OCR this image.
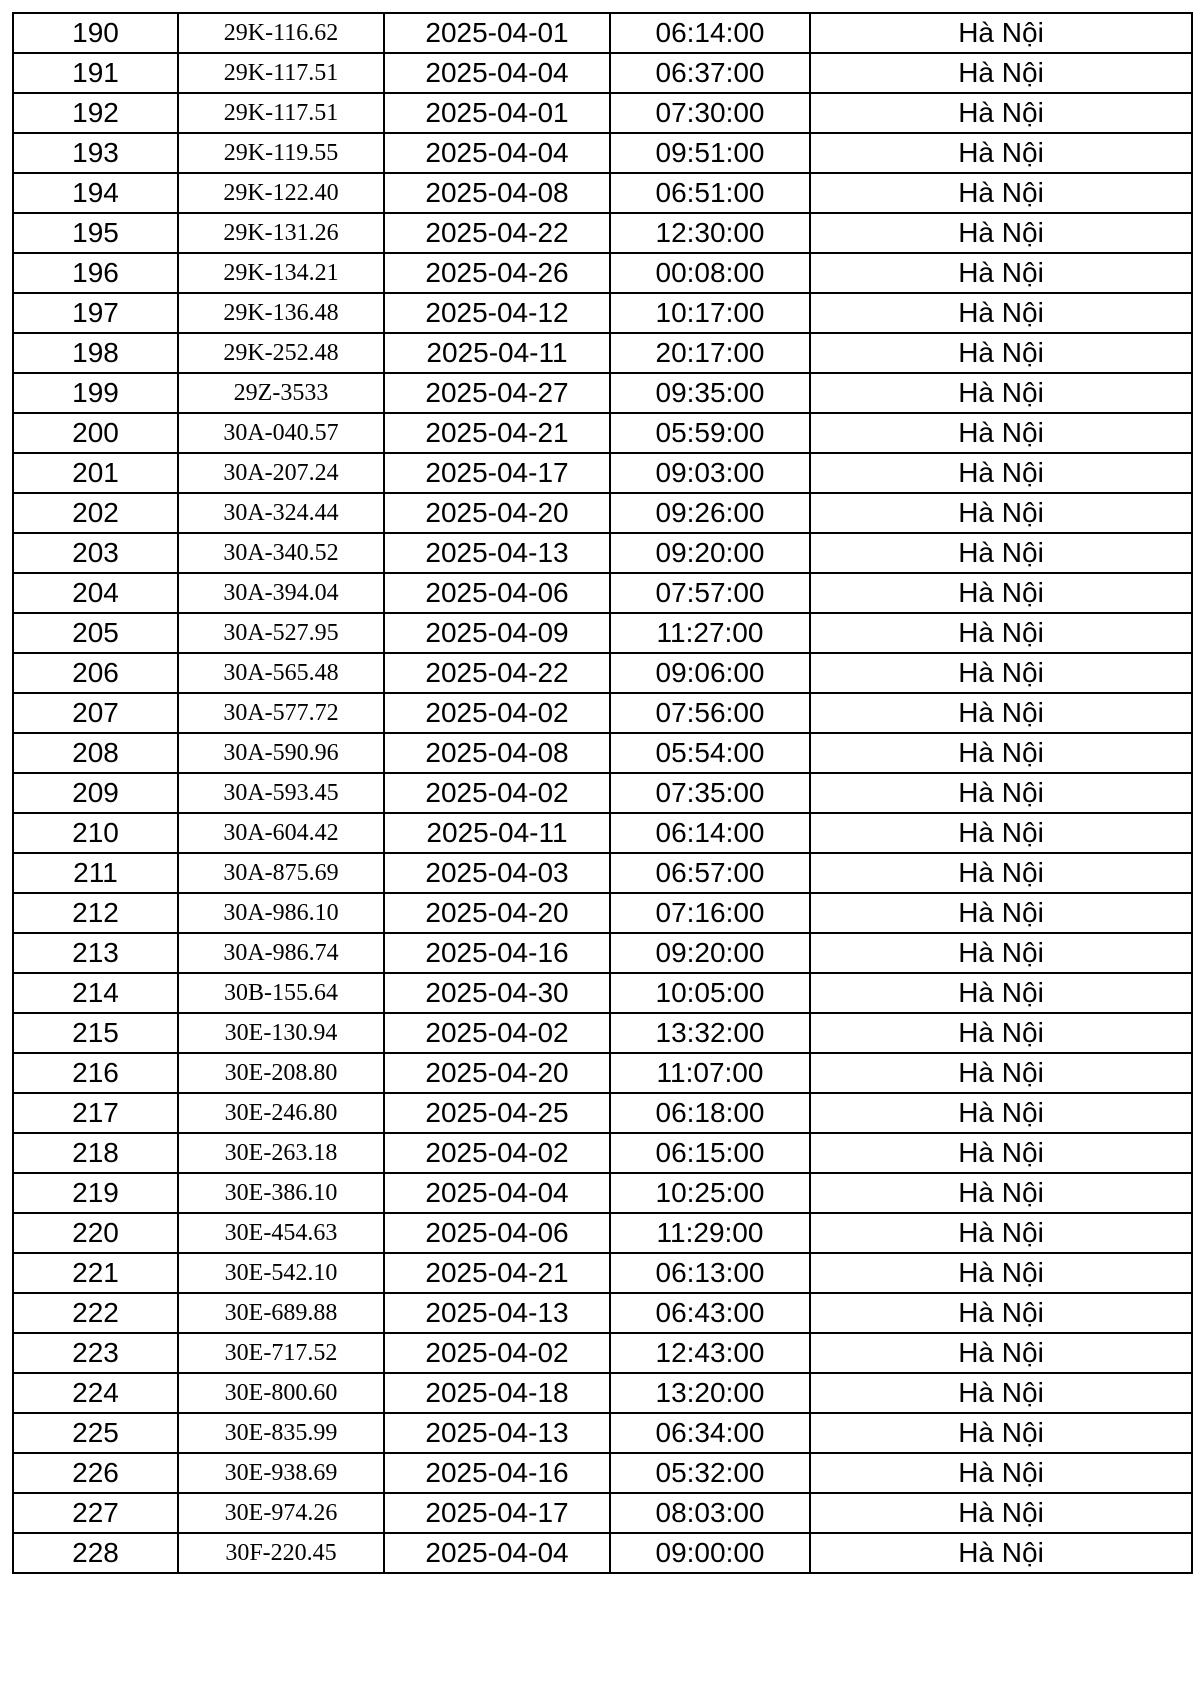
190	29K-116.62	2025-04-01	06:14:00	Hà Nội
191	29K-117.51	2025-04-04	06:37:00	Hà Nội
192	29K-117.51	2025-04-01	07:30:00	Hà Nội
193	29K-119.55	2025-04-04	09:51:00	Hà Nội
194	29K-122.40	2025-04-08	06:51:00	Hà Nội
195	29K-131.26	2025-04-22	12:30:00	Hà Nội
196	29K-134.21	2025-04-26	00:08:00	Hà Nội
197	29K-136.48	2025-04-12	10:17:00	Hà Nội
198	29K-252.48	2025-04-11	20:17:00	Hà Nội
199	29Z-3533	2025-04-27	09:35:00	Hà Nội
200	30A-040.57	2025-04-21	05:59:00	Hà Nội
201	30A-207.24	2025-04-17	09:03:00	Hà Nội
202	30A-324.44	2025-04-20	09:26:00	Hà Nội
203	30A-340.52	2025-04-13	09:20:00	Hà Nội
204	30A-394.04	2025-04-06	07:57:00	Hà Nội
205	30A-527.95	2025-04-09	11:27:00	Hà Nội
206	30A-565.48	2025-04-22	09:06:00	Hà Nội
207	30A-577.72	2025-04-02	07:56:00	Hà Nội
208	30A-590.96	2025-04-08	05:54:00	Hà Nội
209	30A-593.45	2025-04-02	07:35:00	Hà Nội
210	30A-604.42	2025-04-11	06:14:00	Hà Nội
211	30A-875.69	2025-04-03	06:57:00	Hà Nội
212	30A-986.10	2025-04-20	07:16:00	Hà Nội
213	30A-986.74	2025-04-16	09:20:00	Hà Nội
214	30B-155.64	2025-04-30	10:05:00	Hà Nội
215	30E-130.94	2025-04-02	13:32:00	Hà Nội
216	30E-208.80	2025-04-20	11:07:00	Hà Nội
217	30E-246.80	2025-04-25	06:18:00	Hà Nội
218	30E-263.18	2025-04-02	06:15:00	Hà Nội
219	30E-386.10	2025-04-04	10:25:00	Hà Nội
220	30E-454.63	2025-04-06	11:29:00	Hà Nội
221	30E-542.10	2025-04-21	06:13:00	Hà Nội
222	30E-689.88	2025-04-13	06:43:00	Hà Nội
223	30E-717.52	2025-04-02	12:43:00	Hà Nội
224	30E-800.60	2025-04-18	13:20:00	Hà Nội
225	30E-835.99	2025-04-13	06:34:00	Hà Nội
226	30E-938.69	2025-04-16	05:32:00	Hà Nội
227	30E-974.26	2025-04-17	08:03:00	Hà Nội
228	30F-220.45	2025-04-04	09:00:00	Hà Nội
